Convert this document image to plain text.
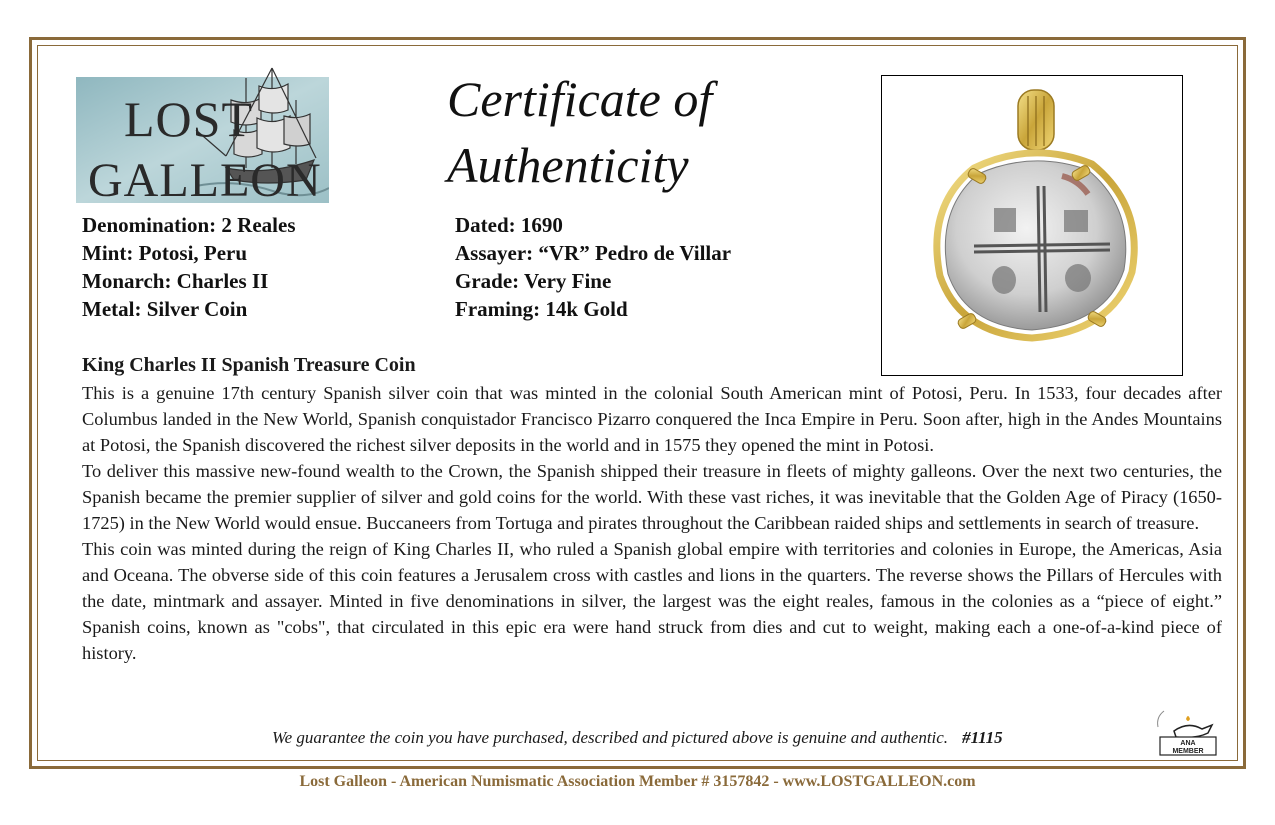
LOST
GALLEON
Certificate of
Authenticity
Denomination: 2 Reales
Mint: Potosi, Peru
Monarch: Charles II
Metal: Silver Coin
Dated: 1690
Assayer: “VR” Pedro de Villar
Grade: Very Fine
Framing: 14k Gold
King Charles II Spanish Treasure Coin

This is a genuine 17th century Spanish silver coin that was minted in the colonial South American mint of Potosi, Peru. In 1533, four decades after Columbus landed in the New World, Spanish conquistador Francisco Pizarro conquered the Inca Empire in Peru. Soon after, high in the Andes Mountains at Potosi, the Spanish discovered the richest silver deposits in the world and in 1575 they opened the mint in Potosi.

To deliver this massive new-found wealth to the Crown, the Spanish shipped their treasure in fleets of mighty galleons. Over the next two centuries, the Spanish became the premier supplier of silver and gold coins for the world. With these vast riches, it was inevitable that the Golden Age of Piracy (1650-1725) in the New World would ensue. Buccaneers from Tortuga and pirates throughout the Caribbean raided ships and settlements in search of treasure.

This coin was minted during the reign of King Charles II, who ruled a Spanish global empire with territories and colonies in Europe, the Americas, Asia and Oceana. The obverse side of this coin features a Jerusalem cross with castles and lions in the quarters. The reverse shows the Pillars of Hercules with the date, mintmark and assayer. Minted in five denominations in silver, the largest was the eight reales, famous in the colonies as a “piece of eight.” Spanish coins, known as "cobs", that circulated in this epic era were hand struck from dies and cut to weight, making each a one-of-a-kind piece of history.

We guarantee the coin you have purchased, described and pictured above is genuine and authentic. #1115	ANA
MEMBER
Lost Galleon - American Numismatic Association Member # 3157842 - www.LOSTGALLEON.com
